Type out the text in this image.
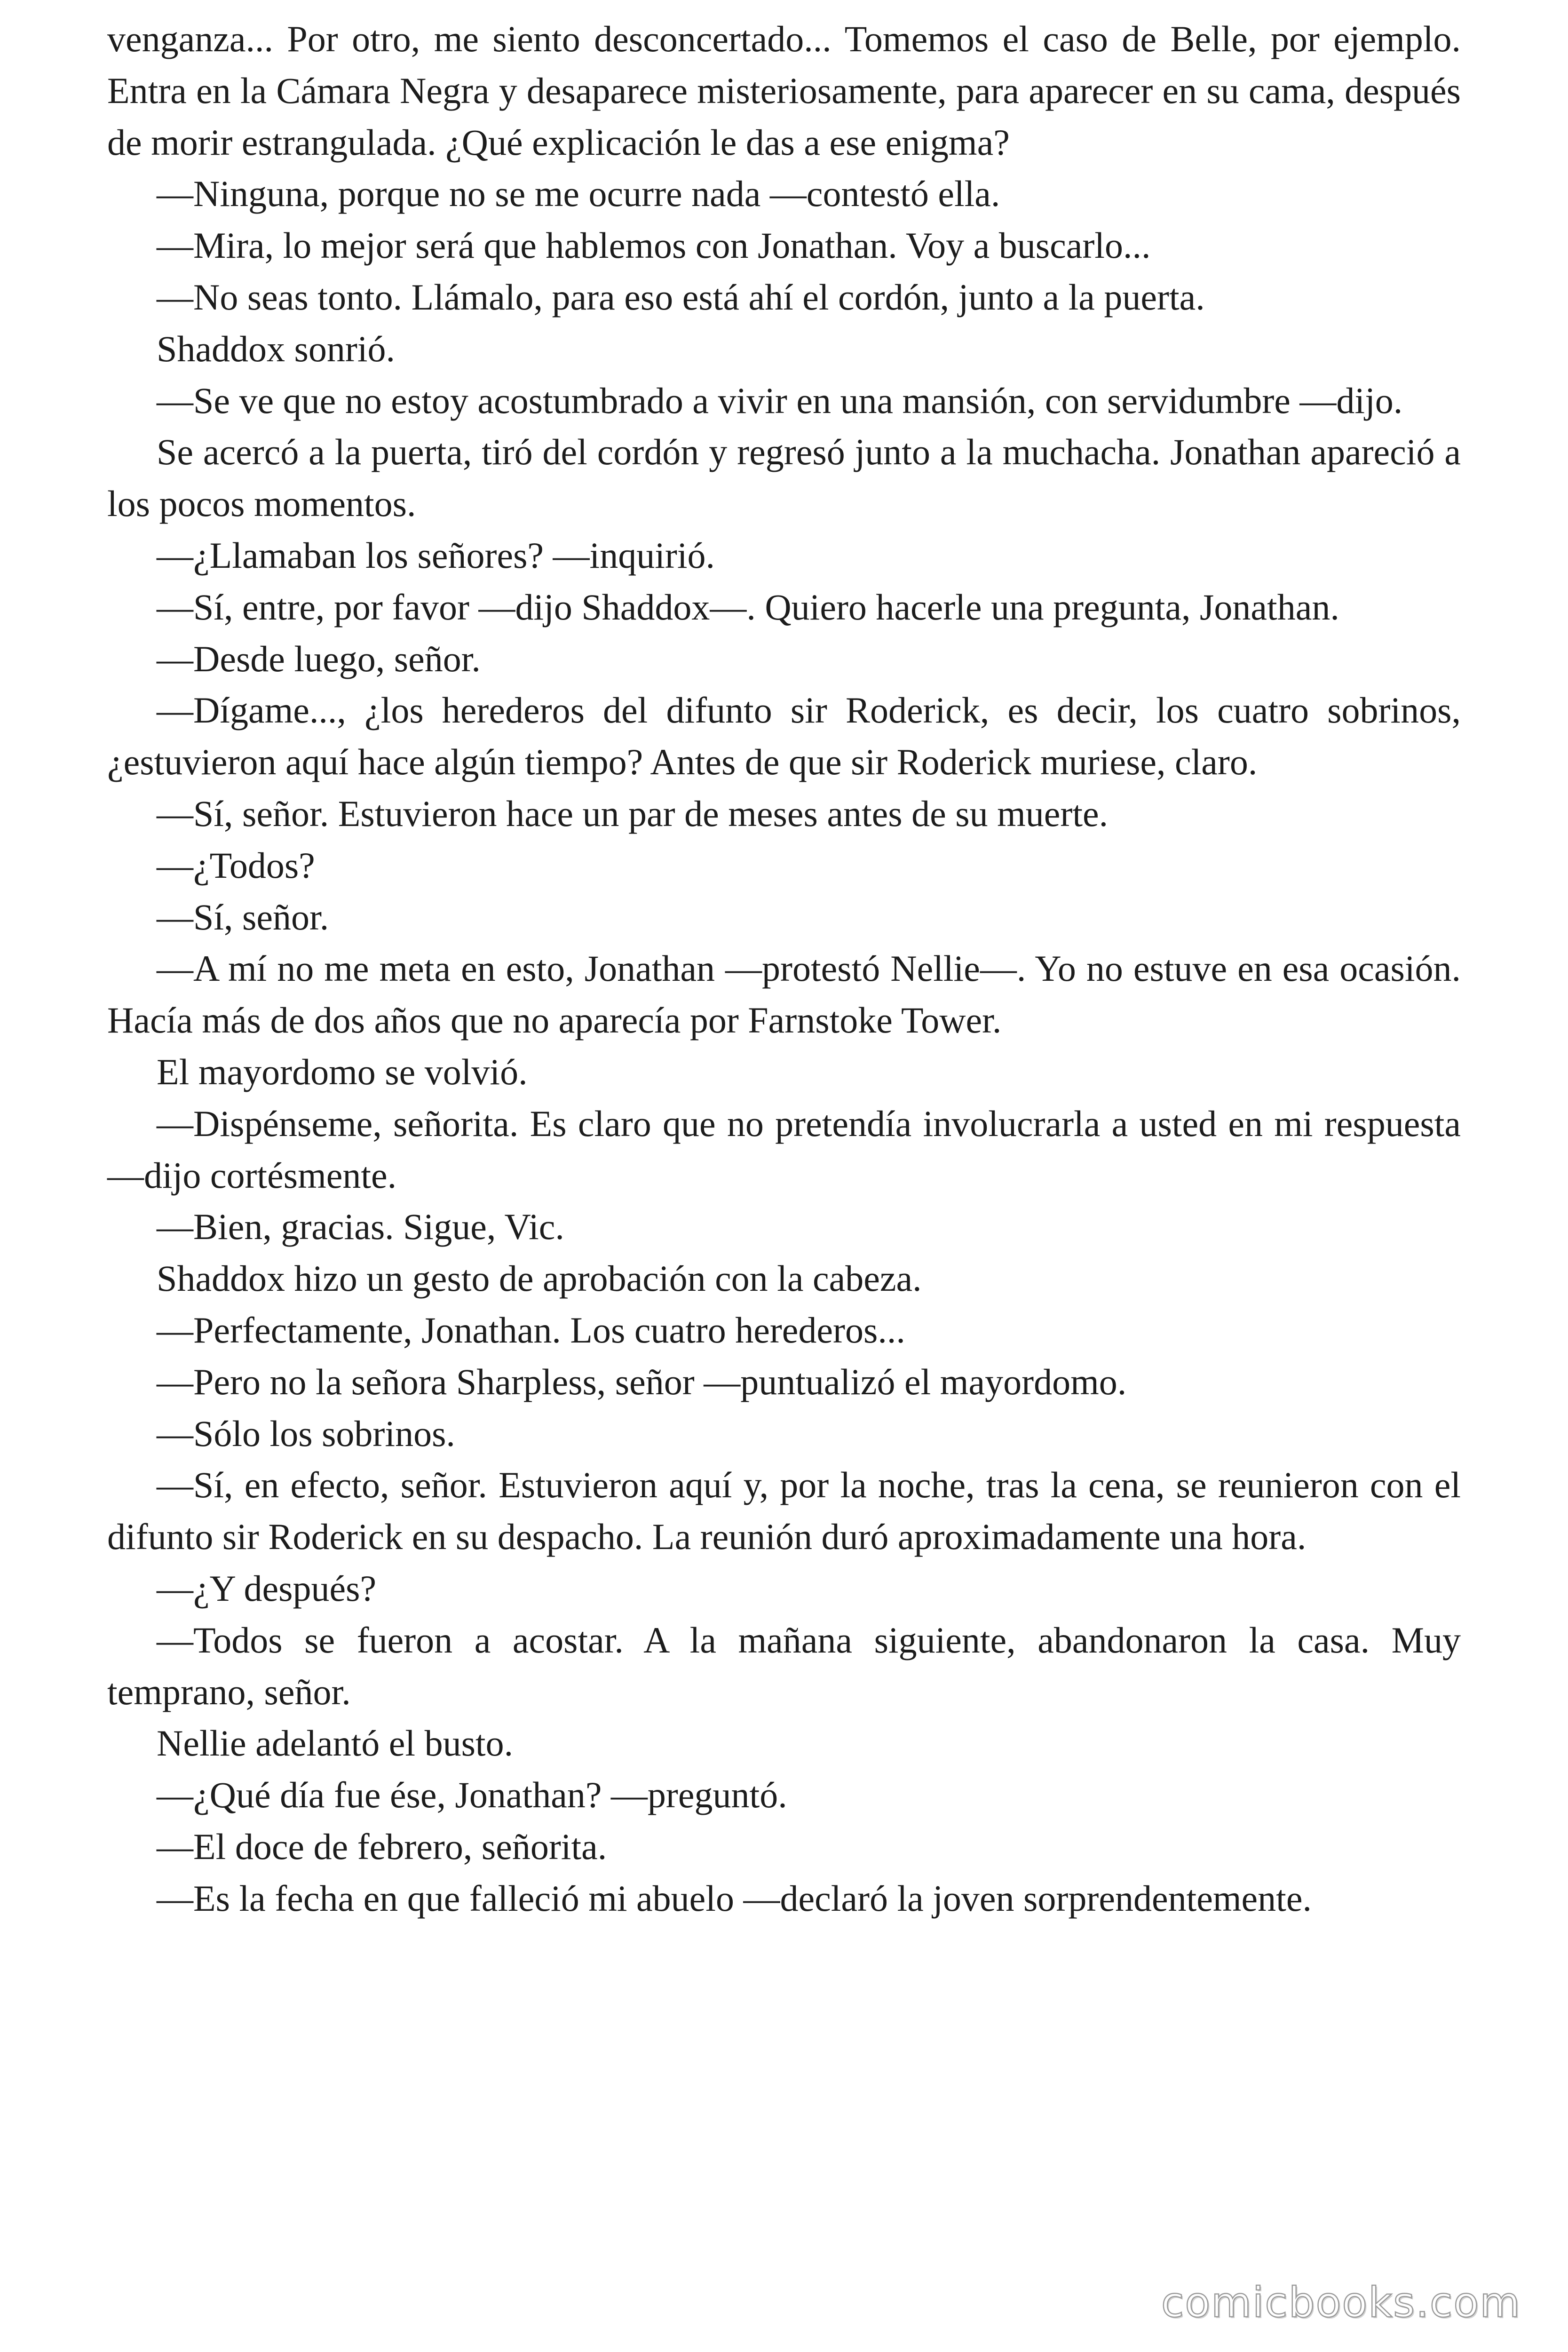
venganza... Por otro, me siento desconcertado... Tomemos el caso de Belle, por ejemplo. Entra en la Cámara Negra y desaparece misteriosamente, para aparecer en su cama, después de morir estrangulada. ¿Qué explicación le das a ese enigma?

—Ninguna, porque no se me ocurre nada —contestó ella.

—Mira, lo mejor será que hablemos con Jonathan. Voy a buscarlo...

—No seas tonto. Llámalo, para eso está ahí el cordón, junto a la puerta.

Shaddox sonrió.

—Se ve que no estoy acostumbrado a vivir en una mansión, con servidumbre —dijo.

Se acercó a la puerta, tiró del cordón y regresó junto a la muchacha. Jonathan apareció a los pocos momentos.

—¿Llamaban los señores? —inquirió.

—Sí, entre, por favor —dijo Shaddox—. Quiero hacerle una pregunta, Jonathan.

—Desde luego, señor.

—Dígame..., ¿los herederos del difunto sir Roderick, es decir, los cuatro sobrinos, ¿estuvieron aquí hace algún tiempo? Antes de que sir Roderick muriese, claro.

—Sí, señor. Estuvieron hace un par de meses antes de su muerte.

—¿Todos?

—Sí, señor.

—A mí no me meta en esto, Jonathan —protestó Nellie—. Yo no estuve en esa ocasión. Hacía más de dos años que no aparecía por Farnstoke Tower.

El mayordomo se volvió.

—Dispénseme, señorita. Es claro que no pretendía involucrarla a usted en mi respuesta —dijo cortésmente.

—Bien, gracias. Sigue, Vic.

Shaddox hizo un gesto de aprobación con la cabeza.

—Perfectamente, Jonathan. Los cuatro herederos...

—Pero no la señora Sharpless, señor —puntualizó el mayordomo.

—Sólo los sobrinos.

—Sí, en efecto, señor. Estuvieron aquí y, por la noche, tras la cena, se reunieron con el difunto sir Roderick en su despacho. La reunión duró aproximadamente una hora.

—¿Y después?

—Todos se fueron a acostar. A la mañana siguiente, abandonaron la casa. Muy temprano, señor.

Nellie adelantó el busto.

—¿Qué día fue ése, Jonathan? —preguntó.

—El doce de febrero, señorita.

—Es la fecha en que falleció mi abuelo —declaró la joven sorprendentemente.

comicbooks.com
